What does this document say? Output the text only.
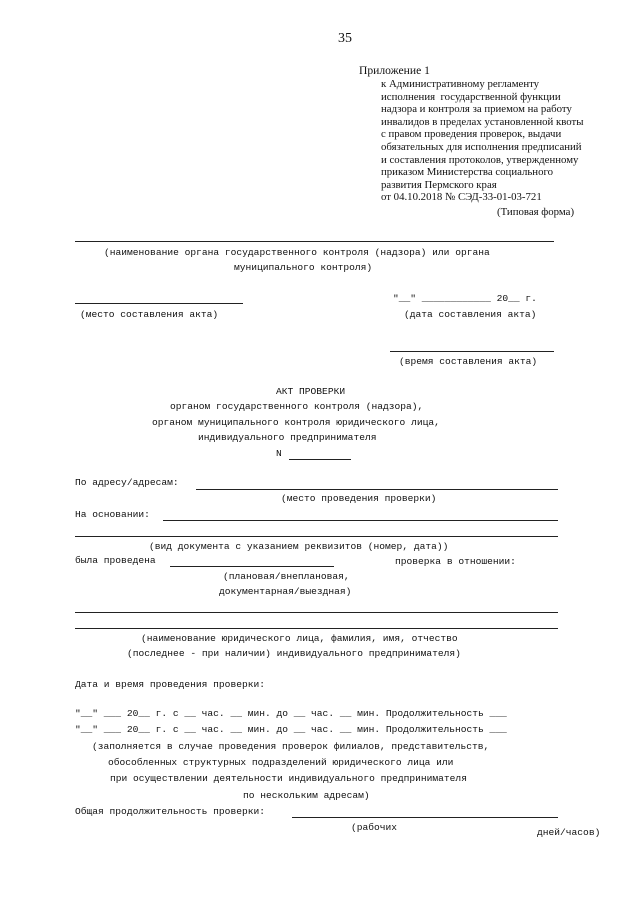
35
Приложение 1
к Административному регламенту
исполнения  государственной функции
надзора и контроля за приемом на работу
инвалидов в пределах установленной квоты
с правом проведения проверок, выдачи
обязательных для исполнения предписаний
и составления протоколов, утвержденному
приказом Министерства социального
развития Пермского края
от 04.10.2018 № СЭД-33-01-03-721
(Типовая форма)
(наименование органа государственного контроля (надзора) или органа
муниципального контроля)
(место составления акта)
"__" ____________ 20__ г.
(дата составления акта)
(время составления акта)
АКТ ПРОВЕРКИ
органом государственного контроля (надзора),
органом муниципального контроля юридического лица,
индивидуального предпринимателя
N
По адресу/адресам:
(место проведения проверки)
На основании:
(вид документа с указанием реквизитов (номер, дата))
была проведена	проверка в отношении:
(плановая/внеплановая,
документарная/выездная)
(наименование юридического лица, фамилия, имя, отчество
(последнее - при наличии) индивидуального предпринимателя)
Дата и время проведения проверки:
"__" ___ 20__ г. с __ час. __ мин. до __ час. __ мин. Продолжительность ___
"__" ___ 20__ г. с __ час. __ мин. до __ час. __ мин. Продолжительность ___
(заполняется в случае проведения проверок филиалов, представительств,
обособленных структурных подразделений юридического лица или
при осуществлении деятельности индивидуального предпринимателя
по нескольким адресам)
Общая продолжительность проверки:
(рабочих	дней/часов)
